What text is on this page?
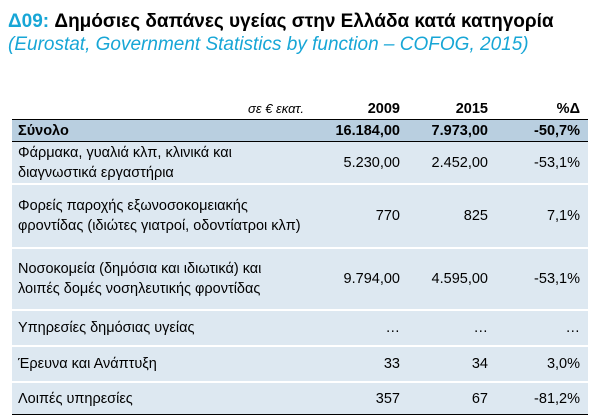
Δ09: Δημόσιες δαπάνες υγείας στην Ελλάδα κατά κατηγορία (Eurostat, Government Statistics by function – COFOG, 2015)
σε € εκατ.	2009	2015	%Δ
Σύνολο	16.184,00	7.973,00	-50,7%
Φάρμακα, γυαλιά κλπ, κλινικά και διαγνωστικά εργαστήρια	5.230,00	2.452,00	-53,1%
Φορείς παροχής εξωνοσοκομειακής φροντίδας (ιδιώτες γιατροί, οδοντίατροι κλπ)	770	825	7,1%
Νοσοκομεία (δημόσια και ιδιωτικά) και λοιπές δομές νοσηλευτικής φροντίδας	9.794,00	4.595,00	-53,1%
Υπηρεσίες δημόσιας υγείας	…	…	…
Έρευνα και Ανάπτυξη	33	34	3,0%
Λοιπές υπηρεσίες	357	67	-81,2%
